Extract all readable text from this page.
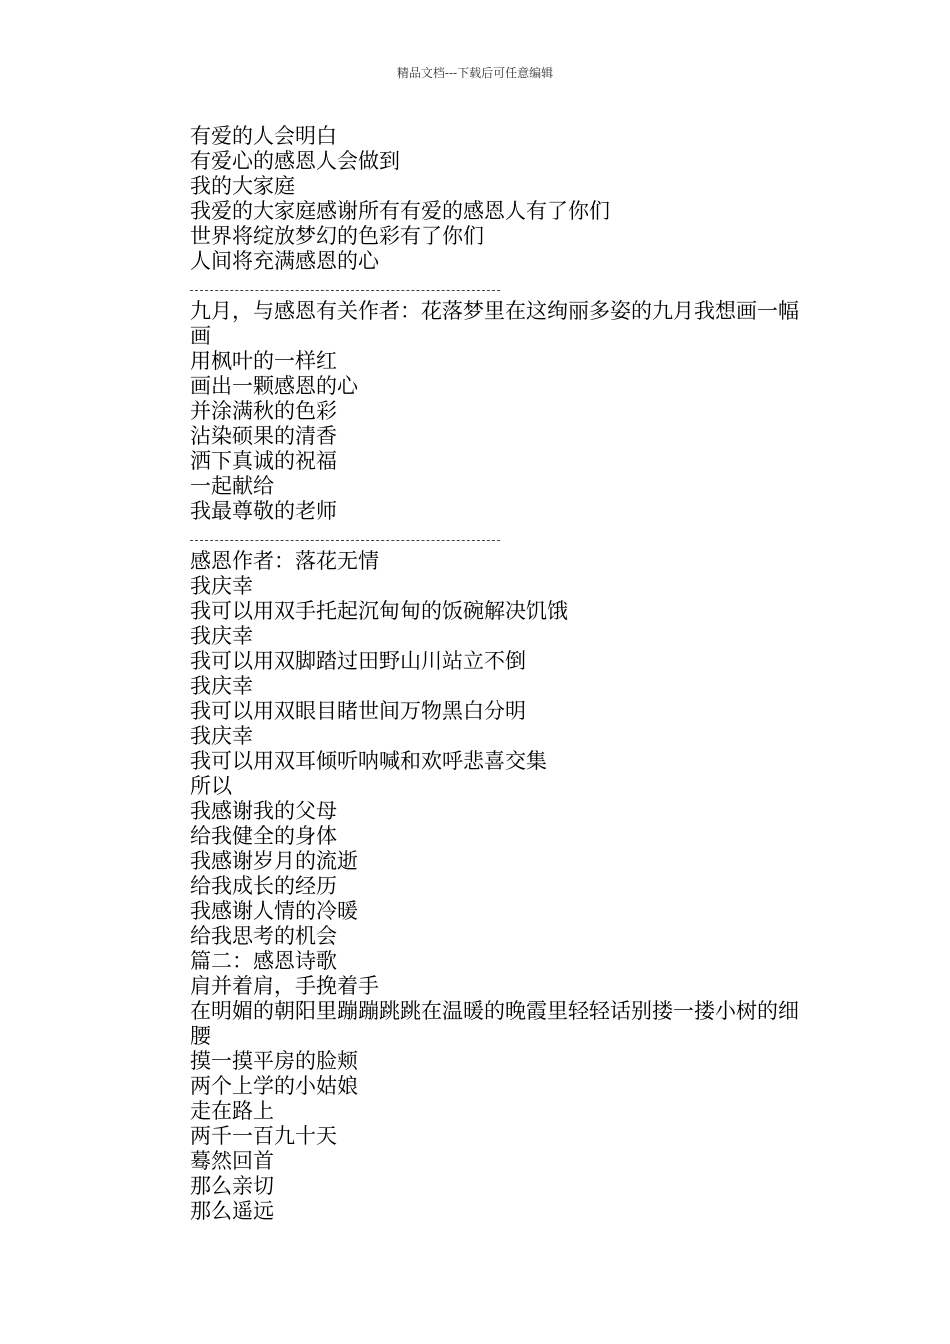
精品文档---下载后可任意编辑

有爱的人会明白

有爱心的感恩人会做到

我的大家庭

我爱的大家庭感谢所有有爱的感恩人有了你们

世界将绽放梦幻的色彩有了你们

人间将充满感恩的心

九月，与感恩有关作者：花落梦里在这绚丽多姿的九月我想画一幅画

用枫叶的一样红

画出一颗感恩的心

并涂满秋的色彩

沾染硕果的清香

洒下真诚的祝福

一起献给

我最尊敬的老师

感恩作者：落花无情

我庆幸

我可以用双手托起沉甸甸的饭碗解决饥饿

我庆幸

我可以用双脚踏过田野山川站立不倒

我庆幸

我可以用双眼目睹世间万物黑白分明

我庆幸

我可以用双耳倾听呐喊和欢呼悲喜交集

所以

我感谢我的父母

给我健全的身体

我感谢岁月的流逝

给我成长的经历

我感谢人情的冷暖

给我思考的机会

篇二：感恩诗歌

肩并着肩，手挽着手

在明媚的朝阳里蹦蹦跳跳在温暖的晚霞里轻轻话别搂一搂小树的细腰

摸一摸平房的脸颊

两个上学的小姑娘

走在路上

两千一百九十天

蓦然回首

那么亲切

那么遥远
